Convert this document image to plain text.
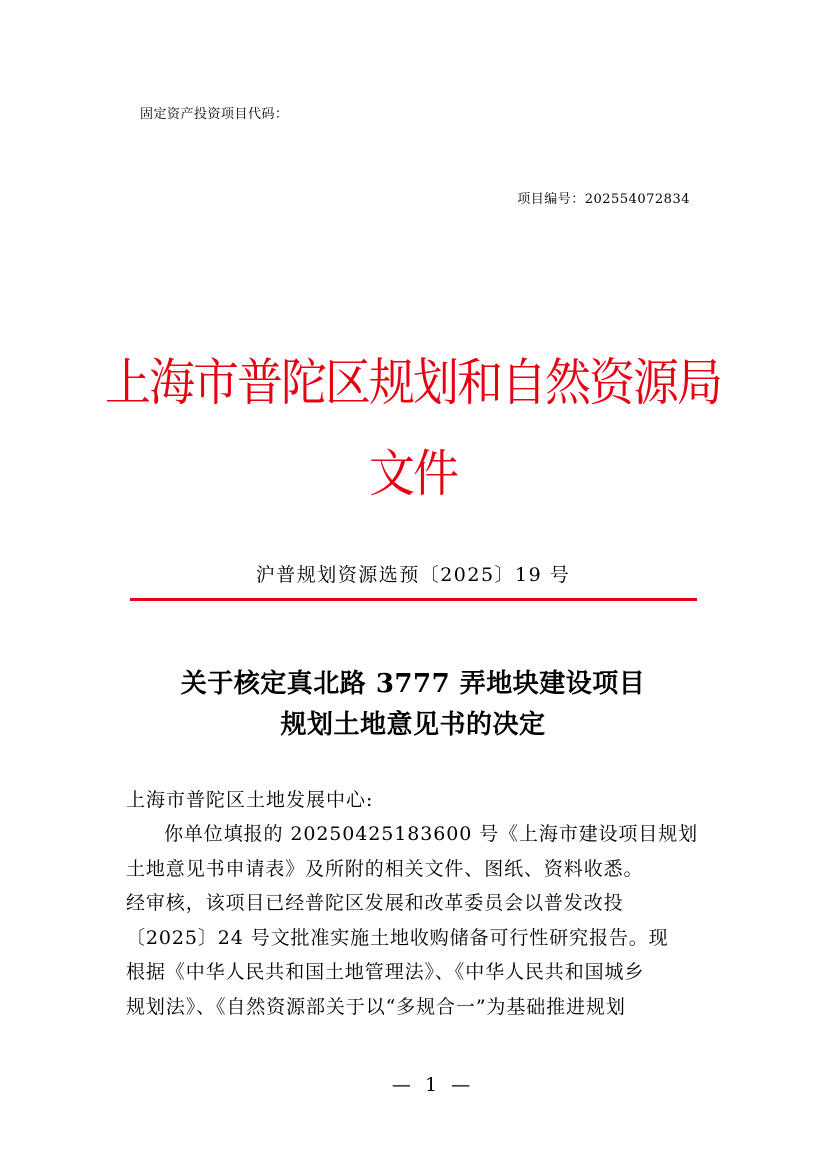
固定资产投资项目代码：
项目编号：202554072834
上海市普陀区规划和自然资源局
文件
沪普规划资源选预〔2025〕19 号
关于核定真北路 3777 弄地块建设项目
规划土地意见书的决定
上海市普陀区土地发展中心:
你单位填报的 20250425183600 号《上海市建设项目规划
土地意见书申请表》及所附的相关文件、图纸、资料收悉。
经审核，该项目已经普陀区发展和改革委员会以普发改投
〔2025〕24 号文批准实施土地收购储备可行性研究报告。现
根据《中华人民共和国土地管理法》、《中华人民共和国城乡
规划法》、《自然资源部关于以“多规合一”为基础推进规划
— 1 —
